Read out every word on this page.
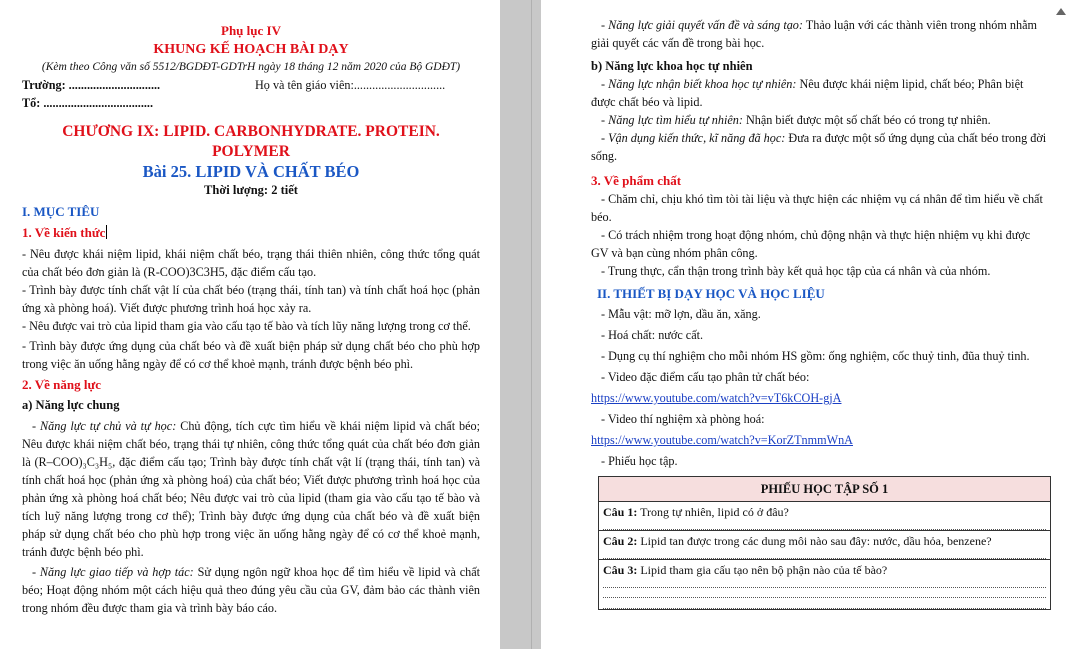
Phụ lục IV

KHUNG KẾ HOẠCH BÀI DẠY

(Kèm theo Công văn số 5512/BGDĐT-GDTrH ngày 18 tháng 12 năm 2020 của Bộ GDĐT)

Trường: ..............................	Họ và tên giáo viên:..............................

Tổ: ....................................

CHƯƠNG IX: LIPID. CARBONHYDRATE. PROTEIN. POLYMER

Bài 25. LIPID VÀ CHẤT BÉO

Thời lượng: 2 tiết

I. MỤC TIÊU

1. Về kiến thức

- Nêu được khái niệm lipid, khái niệm chất béo, trạng thái thiên nhiên, công thức tổng quát của chất béo đơn giản là (R-COO)3C3H5, đặc điểm cấu tạo.

- Trình bày được tính chất vật lí của chất béo (trạng thái, tính tan) và tính chất hoá học (phản ứng xà phòng hoá). Viết được phương trình hoá học xảy ra.

- Nêu được vai trò của lipid tham gia vào cấu tạo tế bào và tích lũy năng lượng trong cơ thể.

- Trình bày được ứng dụng của chất béo và đề xuất biện pháp sử dụng chất béo cho phù hợp trong việc ăn uống hằng ngày để có cơ thể khoẻ mạnh, tránh được bệnh béo phì.

2. Về năng lực

a) Năng lực chung

- Năng lực tự chủ và tự học: Chủ động, tích cực tìm hiểu về khái niệm lipid và chất béo; Nêu được khái niệm chất béo, trạng thái tự nhiên, công thức tổng quát của chất béo đơn giản là (R–COO)₃C₃H₅, đặc điểm cấu tạo; Trình bày được tính chất vật lí (trạng thái, tính tan) và tính chất hoá học (phản ứng xà phòng hoá) của chất béo; Viết được phương trình hoá học của phản ứng xà phòng hoá chất béo; Nêu được vai trò của lipid (tham gia vào cấu tạo tế bào và tích luỹ năng lượng trong cơ thể); Trình bày được ứng dụng của chất béo và đề xuất biện pháp sử dụng chất béo cho phù hợp trong việc ăn uống hằng ngày để có cơ thể khoẻ mạnh, tránh được bệnh béo phì.

- Năng lực giao tiếp và hợp tác: Sử dụng ngôn ngữ khoa học để tìm hiểu về lipid và chất béo; Hoạt động nhóm một cách hiệu quả theo đúng yêu cầu của GV, đảm bảo các thành viên trong nhóm đều được tham gia và trình bày báo cáo.

- Năng lực giải quyết vấn đề và sáng tạo: Thảo luận với các thành viên trong nhóm nhằm giải quyết các vấn đề trong bài học.

b) Năng lực khoa học tự nhiên

- Năng lực nhận biết khoa học tự nhiên: Nêu được khái niệm lipid, chất béo; Phân biệt được chất béo và lipid.

- Năng lực tìm hiểu tự nhiên: Nhận biết được một số chất béo có trong tự nhiên.

- Vận dụng kiến thức, kĩ năng đã học: Đưa ra được một số ứng dụng của chất béo trong đời sống.

3. Về phẩm chất

- Chăm chỉ, chịu khó tìm tòi tài liệu và thực hiện các nhiệm vụ cá nhân để tìm hiểu về chất béo.

- Có trách nhiệm trong hoạt động nhóm, chủ động nhận và thực hiện nhiệm vụ khi được GV và bạn cùng nhóm phân công.

- Trung thực, cẩn thận trong trình bày kết quả học tập của cá nhân và của nhóm.

II. THIẾT BỊ DẠY HỌC VÀ HỌC LIỆU

- Mẫu vật: mỡ lợn, dầu ăn, xăng.

- Hoá chất: nước cất.

- Dụng cụ thí nghiệm cho mỗi nhóm HS gồm: ống nghiệm, cốc thuỷ tinh, đũa thuỷ tinh.

- Video đặc điểm cấu tạo phân tử chất béo:

https://www.youtube.com/watch?v=vT6kCOH-gjA

- Video thí nghiệm xà phòng hoá:

https://www.youtube.com/watch?v=KorZTnmmWnA

- Phiếu học tập.

PHIẾU HỌC TẬP SỐ 1
Câu 1: Trong tự nhiên, lipid có ở đâu?
Câu 2: Lipid tan được trong các dung môi nào sau đây: nước, dầu hỏa, benzene?
Câu 3: Lipid tham gia cấu tạo nên bộ phận nào của tế bào?
